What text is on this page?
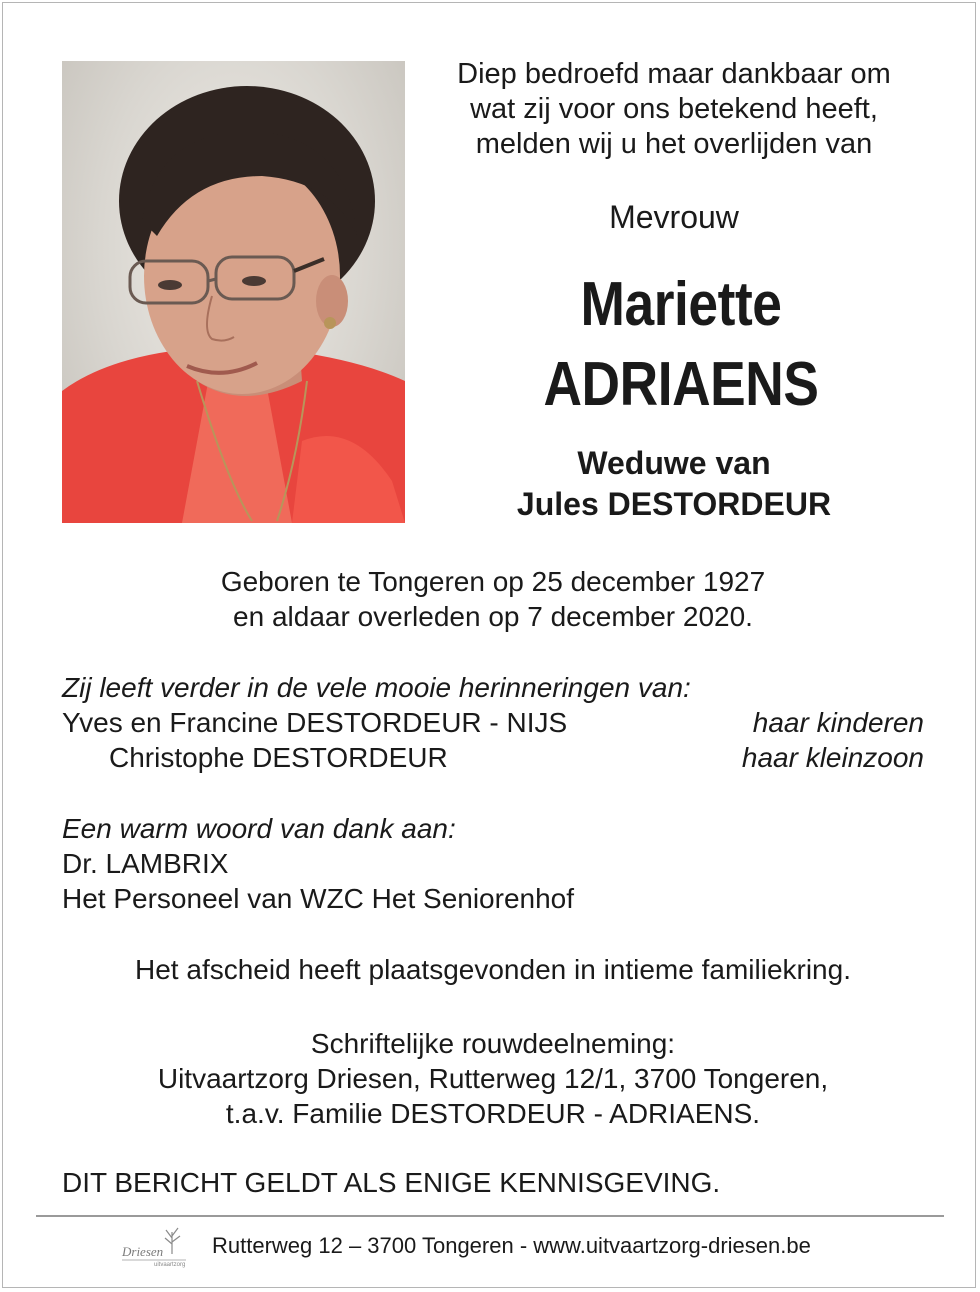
Diep bedroefd maar dankbaar om
wat zij voor ons betekend heeft,
melden wij u het overlijden van
Mevrouw
Mariette
ADRIAENS
Weduwe van
Jules DESTORDEUR
Geboren te Tongeren op 25 december 1927
en aldaar overleden op 7 december 2020.
Zij leeft verder in de vele mooie herinneringen van:
Yves en Francine DESTORDEUR - NIJS	haar kinderen
Christophe DESTORDEUR	haar kleinzoon
Een warm woord van dank aan:
Dr. LAMBRIX
Het Personeel van WZC Het Seniorenhof
Het afscheid heeft plaatsgevonden in intieme familiekring.
Schriftelijke rouwdeelneming:
Uitvaartzorg Driesen, Rutterweg 12/1, 3700 Tongeren,
t.a.v. Familie DESTORDEUR - ADRIAENS.
DIT BERICHT GELDT ALS ENIGE KENNISGEVING.
Driesen
uitvaartzorg
Rutterweg 12 – 3700 Tongeren - www.uitvaartzorg-driesen.be
